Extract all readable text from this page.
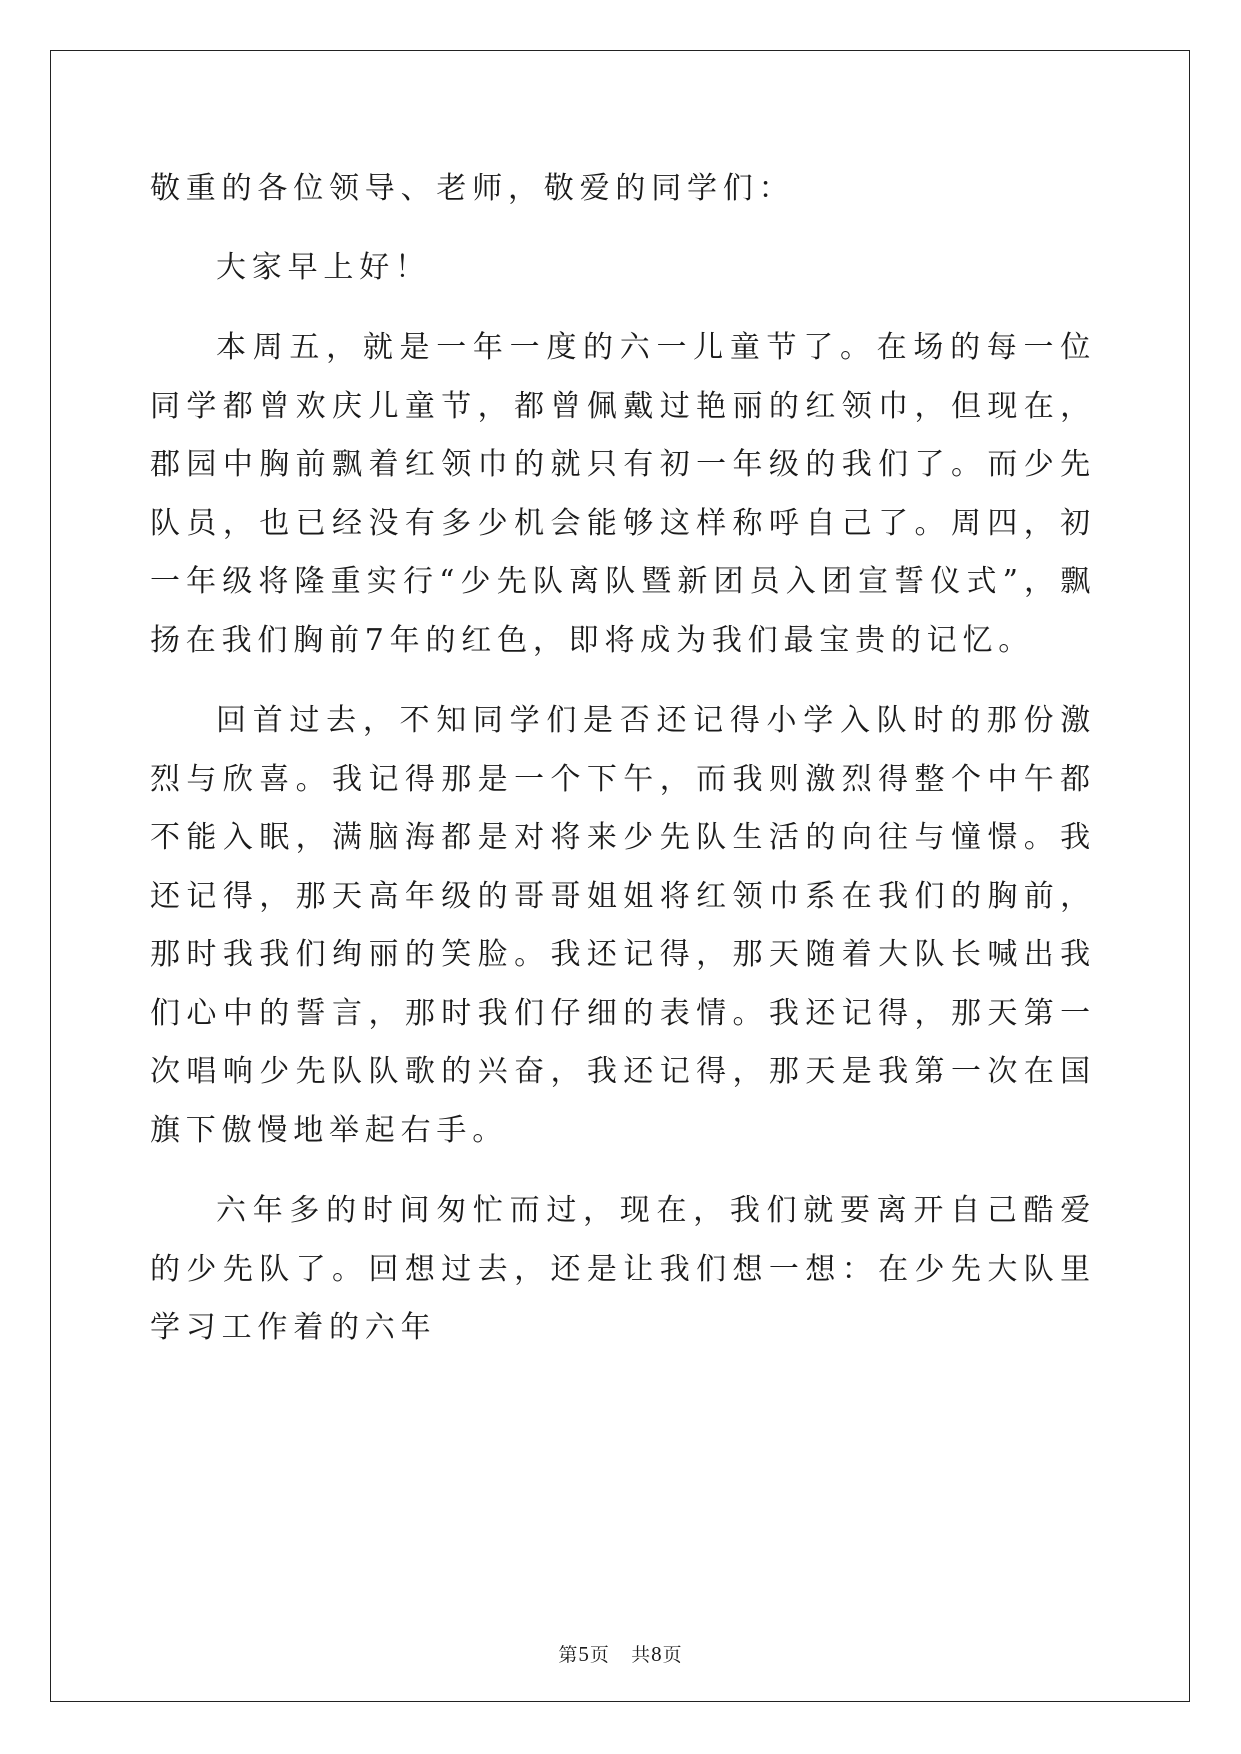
敬重的各位领导、老师，敬爱的同学们：

大家早上好！

本周五，就是一年一度的六一儿童节了。在场的每一位同学都曾欢庆儿童节，都曾佩戴过艳丽的红领巾，但现在，郡园中胸前飘着红领巾的就只有初一年级的我们了。而少先队员，也已经没有多少机会能够这样称呼自己了。周四，初一年级将隆重实行“少先队离队暨新团员入团宣誓仪式”，飘扬在我们胸前7年的红色，即将成为我们最宝贵的记忆。

回首过去，不知同学们是否还记得小学入队时的那份激烈与欣喜。我记得那是一个下午，而我则激烈得整个中午都不能入眠，满脑海都是对将来少先队生活的向往与憧憬。我还记得，那天高年级的哥哥姐姐将红领巾系在我们的胸前，那时我我们绚丽的笑脸。我还记得，那天随着大队长喊出我们心中的誓言，那时我们仔细的表情。我还记得，那天第一次唱响少先队队歌的兴奋，我还记得，那天是我第一次在国旗下傲慢地举起右手。

六年多的时间匆忙而过，现在，我们就要离开自己酷爱的少先队了。回想过去，还是让我们想一想：在少先大队里学习工作着的六年

第5页 共8页
